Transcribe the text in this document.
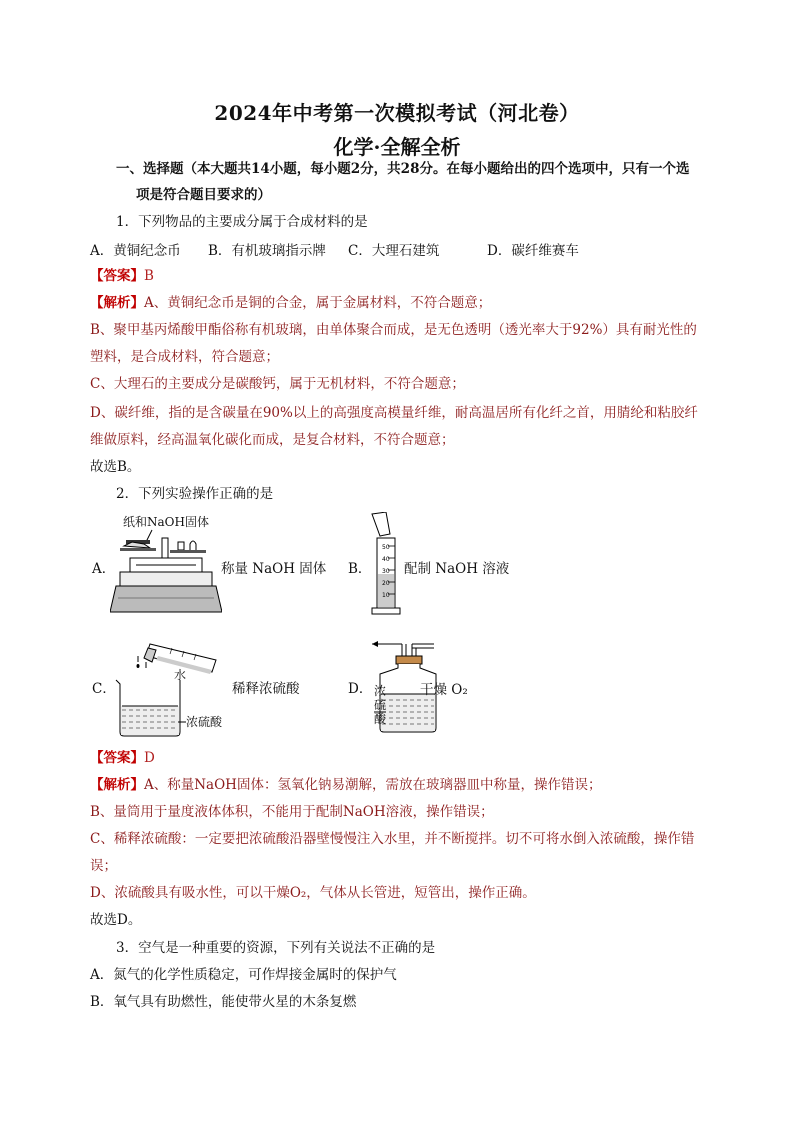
2024年中考第一次模拟考试（河北卷）
化学·全解全析
一、选择题（本大题共14小题，每小题2分，共28分。在每小题给出的四个选项中，只有一个选
项是符合题目要求的）
1．下列物品的主要成分属于合成材料的是
A．黄铜纪念币 B．有机玻璃指示牌 C．大理石建筑	D．碳纤维赛车
【答案】B
【解析】A、黄铜纪念币是铜的合金，属于金属材料，不符合题意；
B、聚甲基丙烯酸甲酯俗称有机玻璃，由单体聚合而成，是无色透明（透光率大于92%）具有耐光性的
塑料，是合成材料，符合题意；
C、大理石的主要成分是碳酸钙，属于无机材料，不符合题意；
D、碳纤维，指的是含碳量在90%以上的高强度高模量纤维，耐高温居所有化纤之首，用腈纶和粘胶纤
维做原料，经高温氧化碳化而成，是复合材料，不符合题意；
故选B。
2．下列实验操作正确的是
A．
纸和NaOH固体
称量 NaOH 固体 B．
50
40
30
20
10
配制 NaOH 溶液
C．
水
浓硫酸
稀释浓硫酸	D．	干燥 O₂
浓硫酸
【答案】D
【解析】A、称量NaOH固体：氢氧化钠易潮解，需放在玻璃器皿中称量，操作错误；
B、量筒用于量度液体体积，不能用于配制NaOH溶液，操作错误；
C、稀释浓硫酸：一定要把浓硫酸沿器壁慢慢注入水里，并不断搅拌。切不可将水倒入浓硫酸，操作错
误；
D、浓硫酸具有吸水性，可以干燥O₂，气体从长管进，短管出，操作正确。
故选D。
3．空气是一种重要的资源，下列有关说法不正确的是
A．氮气的化学性质稳定，可作焊接金属时的保护气
B．氧气具有助燃性，能使带火星的木条复燃
